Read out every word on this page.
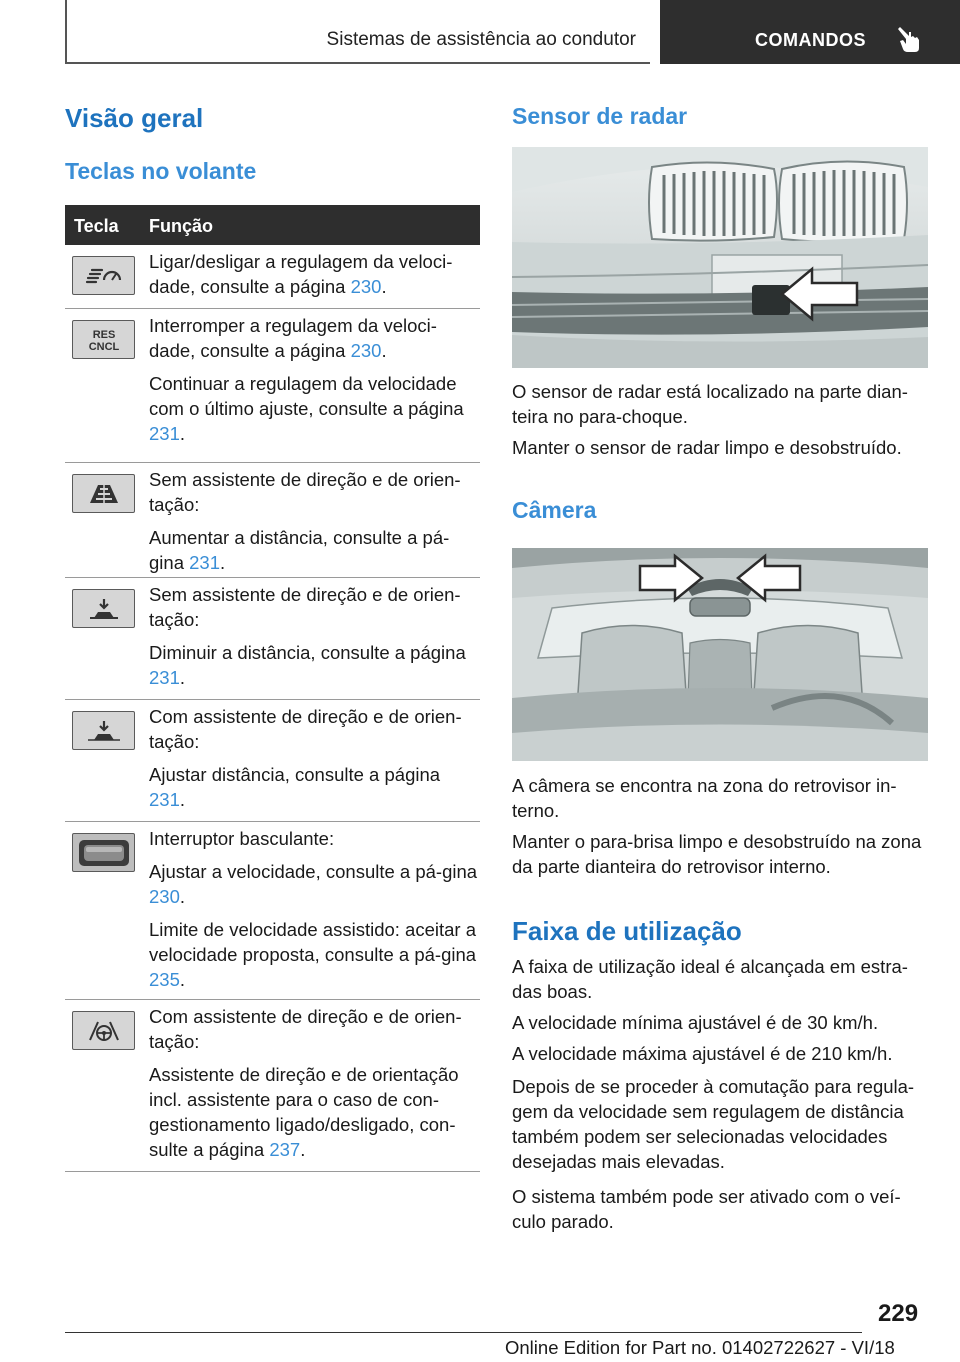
Sistemas de assistência ao condutor	COMANDOS
Visão geral
Teclas no volante
Tecla Função

Ligar/desligar a regulagem da veloci-dade, consulte a página 230.

RES
CNCL

Interromper a regulagem da veloci-dade, consulte a página 230.

Continuar a regulagem da velocidade com o último ajuste, consulte a página 231.

Sem assistente de direção e de orien-tação:

Aumentar a distância, consulte a pá-gina 231.

Sem assistente de direção e de orien-tação:

Diminuir a distância, consulte a página 231.

Com assistente de direção e de orien-tação:

Ajustar distância, consulte a página 231.

Interruptor basculante:

Ajustar a velocidade, consulte a pá-gina 230.

Limite de velocidade assistido: aceitar a velocidade proposta, consulte a pá-gina 235.

Com assistente de direção e de orien-tação:

Assistente de direção e de orientação incl. assistente para o caso de con-gestionamento ligado/desligado, con-sulte a página 237.

Sensor de radar
O sensor de radar está localizado na parte dian-teira no para-choque.
Manter o sensor de radar limpo e desobstruído.
Câmera
A câmera se encontra na zona do retrovisor in-terno.
Manter o para-brisa limpo e desobstruído na zona da parte dianteira do retrovisor interno.
Faixa de utilização
A faixa de utilização ideal é alcançada em estra-das boas.
A velocidade mínima ajustável é de 30 km/h.
A velocidade máxima ajustável é de 210 km/h.
Depois de se proceder à comutação para regula-gem da velocidade sem regulagem de distância também podem ser selecionadas velocidades desejadas mais elevadas.
O sistema também pode ser ativado com o veí-culo parado.
229
Online Edition for Part no. 01402722627 - VI/18
